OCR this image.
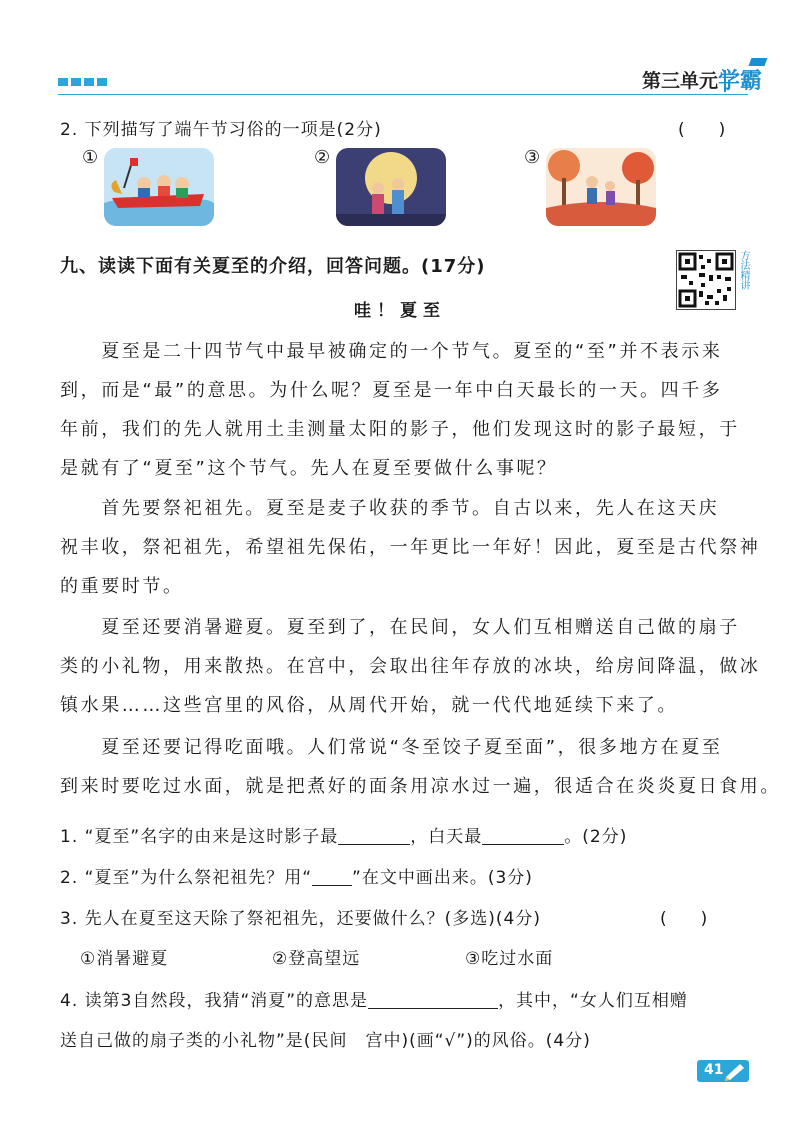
第三单元 学霸
2. 下列描写了端午节习俗的一项是(2分)	(　　)
①	②	③
九、读读下面有关夏至的介绍，回答问题。(17分)	方法精讲
哇！夏至
　　夏至是二十四节气中最早被确定的一个节气。夏至的“至”并不表示来
到，而是“最”的意思。为什么呢？夏至是一年中白天最长的一天。四千多
年前，我们的先人就用土圭测量太阳的影子，他们发现这时的影子最短，于
是就有了“夏至”这个节气。先人在夏至要做什么事呢？
　　首先要祭祀祖先。夏至是麦子收获的季节。自古以来，先人在这天庆
祝丰收，祭祀祖先，希望祖先保佑，一年更比一年好！因此，夏至是古代祭神
的重要时节。
　　夏至还要消暑避夏。夏至到了，在民间，女人们互相赠送自己做的扇子
类的小礼物，用来散热。在宫中，会取出往年存放的冰块，给房间降温，做冰
镇水果……这些宫里的风俗，从周代开始，就一代代地延续下来了。
　　夏至还要记得吃面哦。人们常说“冬至饺子夏至面”，很多地方在夏至
到来时要吃过水面，就是把煮好的面条用凉水过一遍，很适合在炎炎夏日食用。
1. “夏至”名字的由来是这时影子最	，白天最	。(2分)
2. “夏至”为什么祭祀祖先？用“ ”在文中画出来。(3分)
3. 先人在夏至这天除了祭祀祖先，还要做什么？(多选)(4分)	(　　)
①消暑避夏	②登高望远	③吃过水面
4. 读第3自然段，我猜“消夏”的意思是	，其中，“女人们互相赠
送自己做的扇子类的小礼物”是(民间　宫中)(画“√”)的风俗。(4分)
41
